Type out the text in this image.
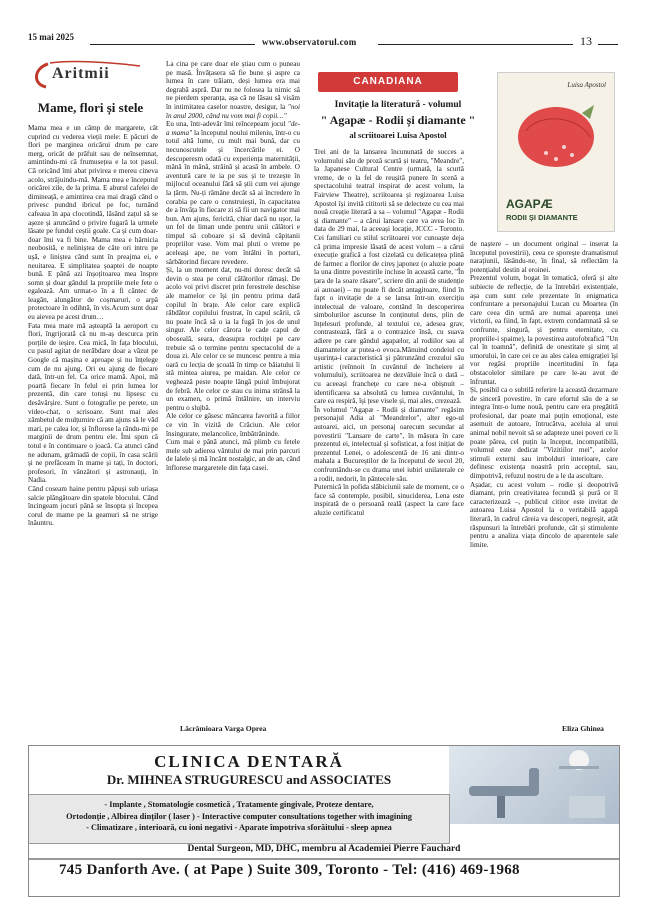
15 mai 2025	www.observatorul.com	13
Aritmii
Mame, flori și stele
Mama mea e un câmp de margarete, cât cuprind cu vederea vieții mele: E păcuri de flori pe marginea oricărui drum pe care merg, oricât de prăfuit sau de neînsemnat, amintindu-mi că frumusețea e la tot pasul. Că oricând îmi abat privirea e mereu cineva acolo, străjuindu-mă. Mama mea e începutul oricărei zile, de la prima. E aburul cafelei de dimineață, e amintirea cea mai dragă când o privesc pundnd ibricul pe foc, turnând cafeaua în apa clocotindă, lăsând zațul să se așeze și aruncând o privire fugară la urmele lăsate pe fundul ceștii goale. Ca și cum doar-doar îmi va fi bine. Mama mea e hărnicia neobosită, e neliniștea de câte ori intru pe ușă, e liniștea când sunt în preajma ei, e neuitarea. E simplitatea șoaptei de noapte bună. E până azi înșoțitoarea mea înspre somn și doar gândul la propriile mele fete o egalează. Am urmat-o în a fi cântec de leagăn, alungător de coșmaruri, o arpă protectoare în odihnă, în vis.Acum sunt doar eu aievea pe acest drum…
Fata mea mare mă așteaptă la aeroport cu flori, îngrijorată că nu m-aș descurca prin porțile de ieșire. Cea mică, în fața blocului, cu pasul agitat de nerăbdare doar a văzut pe Google că mașina e aproape și nu înțelege cum de nu ajung. Ori eu ajung de fiecare dată, într-un fel. Ca orice mamă. Apoi, mă poartă fiecare în felul ei prin lumea lor prezentă, din care totuși nu lipsesc cu desăvârșire. Sunt o fotografie pe perete, un video-chat, o scrisoare. Sunt mai ales zâmbetul de mulțumire că am ajuns să le văd mari, pe calea lor, și înflorese la rându-mi pe marginii de drum pentru ele. Îmi spun că totul e în continuare o joacă. Ca atunci când ne adunam, grămadă de copii, în casa scării și ne prefăceam în mame și tați, în doctori, profesori, în vânzători și astronauți, în Nadia.
Când coseam haine pentru păpuși sub uriașa salcie plângătoare din spatele blocului. Când încingeam jocuri până se însopta și începea corul de mame pe la geamuri să ne strige înăuntru.
La cina pe care doar ele știau cum o puneau pe masă. Învățasera să fie bune și aspre ca lumea în care trăiam, deși lumea era mai degrabă aspră. Dar nu ne folosea la nimic să ne pierdem speranța, așa că ne lăsau să visăm în intimitatea caselor noastre, desigur, la "noi în anul 2000, când nu vom mai fi copii…"
Eu una, într-adevăr îmi reîncepeam jocul "de-a mama" la începutul noului mileniu, într-o cu totul altă lume, cu mult mai bună, dar cu necunoscutele și încercările ei. O descoperesm odată cu experiența maternității, mână în mână, străină și acasă în ambele. O aventură care te ia pe sus și te trezește în mijlocul oceanului fără să știi cum vei ajunge la țărm. Nu-ți rămâne decât să ai încredere în corabia pe care o construiești, în capacitatea de a învăța în fiecare zi să fii un navigator mai bun. Am ajuns, fericită, chiar dacă nu ușor, la un fel de liman unde pentru unii călători e timpul să coboare și să devină căpitanii propriilor vase. Vom mai pluti o vreme pe aceleași ape, ne vom întâlni în porturi, sărbătorind fiecare revedere.
Și, la un moment dat, nu-mi doresc decât să devin o stea pe cerul călătorilor rămași. De acolo voi privi discret prin ferestrele deschise ale mamelor ce își țin pentru prima dată copilul în brațe. Ale celor care explică răbdător copilului frustrat, în capul scării, că nu poate încă să o ia la fugă în jos de unul singur. Ale celor cărora le cade capul de oboseală, seara, deasupra rochiței pe care trebuie să o termine pentru spectacolul de a doua zi. Ale celor ce se muncesc pentru a mia oară cu lecția de școală în timp ce băiatului îi stă mintea aiurea, pe maidan. Ale celor ce veghează peste noapte lângă puiul îmbujorat de febră. Ale celor ce stau cu inima strânsă la un examen, o primă întâlnire, un interviu pentru o slujbă.
Ale celor ce găsesc măncarea favorită a fiilor ce vin în vizită de Crăciun. Ale celor însingurate, melancolice, îmbătrânindе.
Cum mai e până atunci, mă plimb cu fetele mele sub adierea vântului de mai prin parcuri de lalele și mă încânt nostalgic, an de an, când înflorese margaretele din fața casei.
Lăcrămioara Varga Oprea
CANADIANA	Luisa Apostol
AGAPÆ
RODII ȘI DIAMANTE
Invitație la literatură - volumul
" Agapæ - Rodii și diamante "
al scriitoarei Luisa Apostol
Trei ani de la lansarea încununată de succes a volumului său de proză scurtă și teatru, "Meandre", la Japanese Cultural Centre (urmată, la scurtă vreme, de o la fel de reușită punere în scenă a spectacolului teatral inspirat de acest volum, la Fairview Theatre), scriitoarea și regizoarea Luisa Apostol își invită cititorii să se delecteze cu cea mai nouă creație literară a sa – volumul "Agapæ - Rodii și diamante" – a cărui lansare care va avea loc în data de 29 mai, la aceeași locație, JCCC - Toronto. Cei familiari cu stilul scriitoarei vor cunoaște deja că prima impresie lăsată de acest volum – a cărui execuție grafică a fost cizelată cu delicatețea plină de farmec a florilor de cireș japonez (o aluzie poate la una dintre povestirile incluse în această carte, "În țara de la soare răsare", scriere din anii de studenție ai autoaei) – nu poate fi decât antagitoare, fiind în fapt o invitație de a se lansa într-un exercițiu intelectual de valoare, contând în descoperirea simbolurilor ascunse în conținutul dens, plin de înțelesuri profunde, al textului ce, adesea grav, contrastează, fără a o contrazice însă, cu suava adiere pe care gândul agapælor, al rodiilor sau al diamantelor ar putea-o evoca.Mănuind condeiul cu ușurința-i caracteristică și pătrunzând crezului său artistic (reînnoit în cuvântul de încheiere al volumului), scriitoarea ne dezvăluie încă o dată – cu aceeași franchețe cu care ne-a obișnuit – identificarea sa absolută cu lumea cuvântului, în care ea respiră, își țese visele și, mai ales, crezează.
În volumul "Agapæ - Rodii și diamante" regăsim personajul Adia al "Meandrelor", alter ego-ul autoarei, aici, un personaj oarecum secundar al povestirii "Lansare de carte", în măsura în care prezentul ei, intelectual și sofisticat, a fost inițiat de prezentul Lenei, o adolescentă de 16 ani dintr-o mahala a Bucureștilor de la începutul de secol 20, confruntându-se cu drama unei iubiri unilaterale ce a rodit, nedorit, în pântecele său.
Puternică în pofida slăbiciunii sale de moment, ce o face să contemple, posibil, sinuciderea, Lena este inspirată de o persoană reală (aspect la care face aluzie certificatul
de naștere – un document original – inserat la începutul povestirii), ceea ce sporește dramatismul narațiunii, lăsându-ne, în final, să reflectăm la potențialul destin al eroinei.
Prezentul volum, bogat în tematică, oferă și alte subiecte de reflecție, de la întrebări existențiale, așa cum sunt cele prezentate în enigmatica confruntare a personajului Lucan cu Moartea (în care ceea din urmă are numai aparența unei victorii, ea fiind, în fapt, extrem condamnată să se confrunte, singură, și pentru eternitate, cu propriile-i spaime), la povestirea autofobrafică "Un cal în toamnă", definită de onestitate și simț al umorului, în care cei ce au ales calea emigrației își vor regăsi propriile incertitudini în fața obstacolelor similare pe care le-au avut de înfruntat.
Și, posibil ca o subtilă referire la această dezarmare de sinceră povestire, în care efortul său de a se integra într-o lume nouă, pentru care era pregătită profesional, dar poate mai puțin emoțional, este asemuit de autoare, întrucâtva, aceluia al unui animal nobil nevoit să se adapteze unei poveri ce îi poate părea, cel puțin la început, incompatibilă, volumul este dedicat "Vizitiilor mei", acelor stimuli externi sau imboldurі interioare, care definesc existența noastră prin acceptul, sau, dimpotrivă, refuzul nostru de a le da ascultare.
Așadar, cu acest volum – rodie și deopotrivă diamant, prin creativitatea fecundă și pură ce îl caracterizează –, publicul cititor este invitat de autoarea Luisa Apostol la o veritabilă agapă literară, în cadrul căreia va descoperi, negreșit, atât răspunsuri la întrebări profunde, cât și stimulente pentru a analiza viața dincolo de aparentele sale limite.
Eliza Ghinea
CLINICA DENTARĂ
Dr. MIHNEA STRUGURESCU and ASSOCIATES
- Implante , Stomatologie cosmetică , Tratamente gingivale, Proteze dentare,
Ortodonție , Albirea dinților ( laser ) - Interactive computer consultations together with imagining
- Climatizare , interioară, cu ioni negativi - Aparate împotriva sforăitului - sleep apnea
Dental Surgeon, MD, DHC, membru al Academiei Pierre Fauchard
745 Danforth Ave. ( at Pape ) Suite 309, Toronto - Tel: (416) 469-1968
